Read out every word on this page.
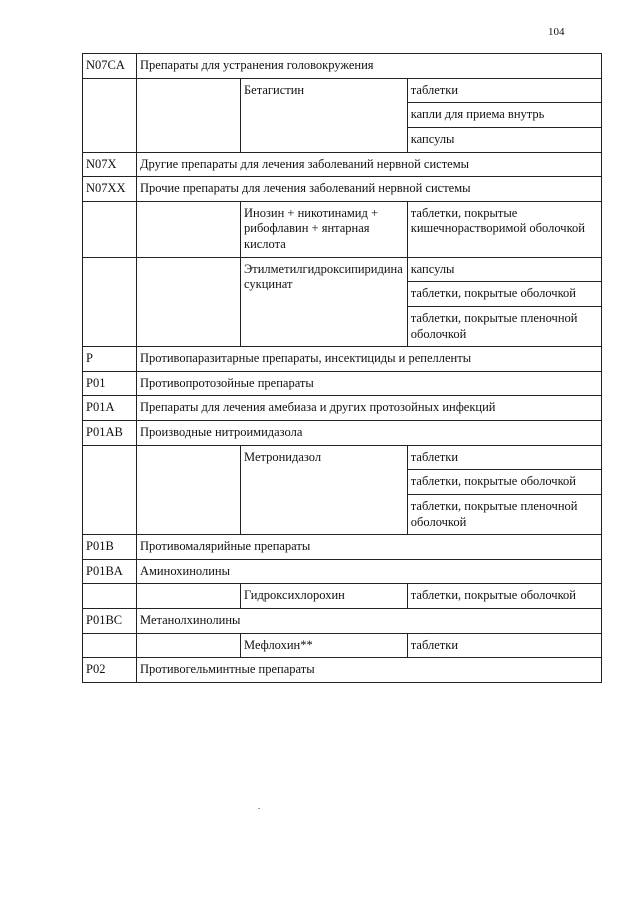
104
N07CA	Препараты для устранения головокружения		
		Бетагистин	таблетки
			капли для приема внутрь
			капсулы
N07X	Другие препараты для лечения заболеваний нервной системы		
N07XX	Прочие препараты для лечения заболеваний нервной системы		
		Инозин + никотинамид + рибофлавин + янтарная кислота	таблетки, покрытые кишечнорастворимой оболочкой
		Этилметилгидроксипиридина сукцинат	капсулы
			таблетки, покрытые оболочкой
			таблетки, покрытые пленочной оболочкой
P	Противопаразитарные препараты, инсектициды и репелленты		
P01	Противопротозойные препараты		
P01A	Препараты для лечения амебиаза и других протозойных инфекций		
P01AB	Производные нитроимидазола		
		Метронидазол	таблетки
			таблетки, покрытые оболочкой
			таблетки, покрытые пленочной оболочкой
P01B	Противомалярийные препараты		
P01BA	Аминохинолины		
		Гидроксихлорохин	таблетки, покрытые оболочкой
P01BC	Метанолхинолины		
		Мефлохин**	таблетки
P02	Противогельминтные препараты		
